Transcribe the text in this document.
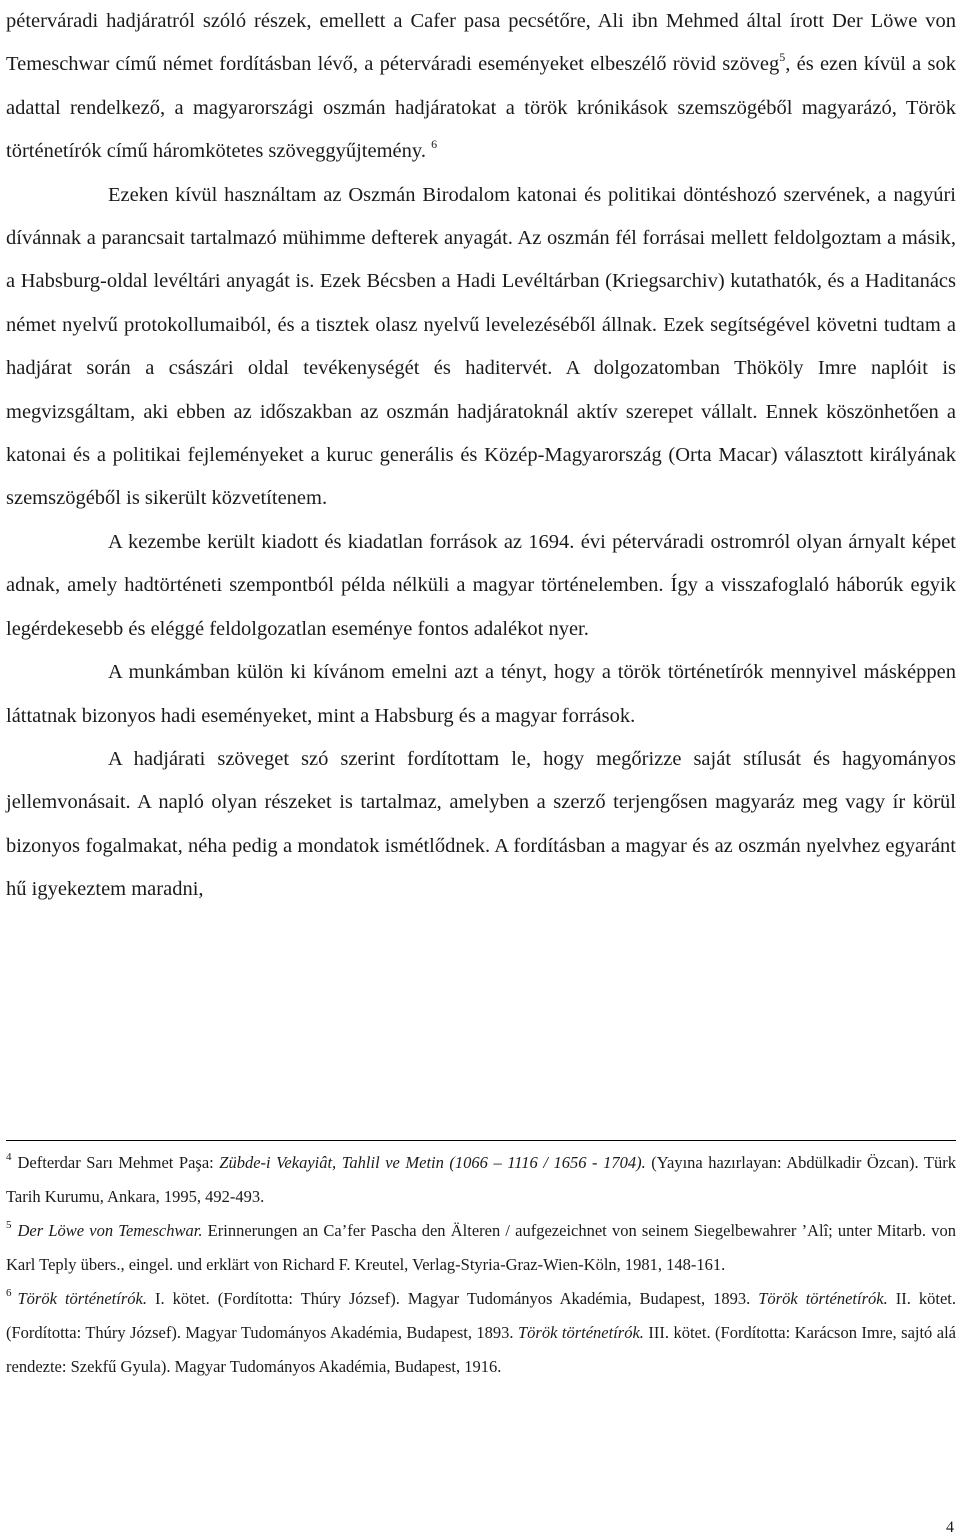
péterváradi hadjáratról szóló részek, emellett a Cafer pasa pecsétőre, Ali ibn Mehmed által írott Der Löwe von Temeschwar című német fordításban lévő, a péterváradi eseményeket elbeszélő rövid szöveg$^5$, és ezen kívül a sok adattal rendelkező, a magyarországi oszmán hadjáratokat a török krónikások szemszögéből magyarázó, Török történetírók című háromkötetes szöveggyűjtemény. $^6$

Ezeken kívül használtam az Oszmán Birodalom katonai és politikai döntéshozó szervének, a nagyúri dívánnak a parancsait tartalmazó mühimme defterek anyagát. Az oszmán fél forrásai mellett feldolgoztam a másik, a Habsburg-oldal levéltári anyagát is. Ezek Bécsben a Hadi Levéltárban (Kriegsarchiv) kutathatók, és a Haditanács német nyelvű protokollumaiból, és a tisztek olasz nyelvű levelezéséből állnak. Ezek segítségével követni tudtam a hadjárat során a császári oldal tevékenységét és haditervét. A dolgozatomban Thököly Imre naplóit is megvizsgáltam, aki ebben az időszakban az oszmán hadjáratoknál aktív szerepet vállalt. Ennek köszönhetően a katonai és a politikai fejleményeket a kuruc generális és Közép-Magyarország (Orta Macar) választott királyának szemszögéből is sikerült közvetítenem.

A kezembe került kiadott és kiadatlan források az 1694. évi péterváradi ostromról olyan árnyalt képet adnak, amely hadtörténeti szempontból példa nélküli a magyar történelemben. Így a visszafoglaló háborúk egyik legérdekesebb és eléggé feldolgozatlan eseménye fontos adalékot nyer.

A munkámban külön ki kívánom emelni azt a tényt, hogy a török történetírók mennyivel másképpen láttatnak bizonyos hadi eseményeket, mint a Habsburg és a magyar források.

A hadjárati szöveget szó szerint fordítottam le, hogy megőrizze saját stílusát és hagyományos jellemvonásait. A napló olyan részeket is tartalmaz, amelyben a szerző terjengősen magyaráz meg vagy ír körül bizonyos fogalmakat, néha pedig a mondatok ismétlődnek. A fordításban a magyar és az oszmán nyelvhez egyaránt hű igyekeztem maradni,

$^4$ Defterdar Sarı Mehmet Paşa: Zübde-i Vekayiât, Tahlil ve Metin (1066 – 1116 / 1656 - 1704). (Yayına hazırlayan: Abdülkadir Özcan). Türk Tarih Kurumu, Ankara, 1995, 492-493.

$^5$ Der Löwe von Temeschwar. Erinnerungen an Ca’fer Pascha den Älteren / aufgezeichnet von seinem Siegelbewahrer ’Alî; unter Mitarb. von Karl Teply übers., eingel. und erklärt von Richard F. Kreutel, Verlag-Styria-Graz-Wien-Köln, 1981, 148-161.

$^6$ Török történetírók. I. kötet. (Fordította: Thúry József). Magyar Tudományos Akadémia, Budapest, 1893. Török történetírók. II. kötet. (Fordította: Thúry József). Magyar Tudományos Akadémia, Budapest, 1893. Török történetírók. III. kötet. (Fordította: Karácson Imre, sajtó alá rendezte: Szekfű Gyula). Magyar Tudományos Akadémia, Budapest, 1916.

4
